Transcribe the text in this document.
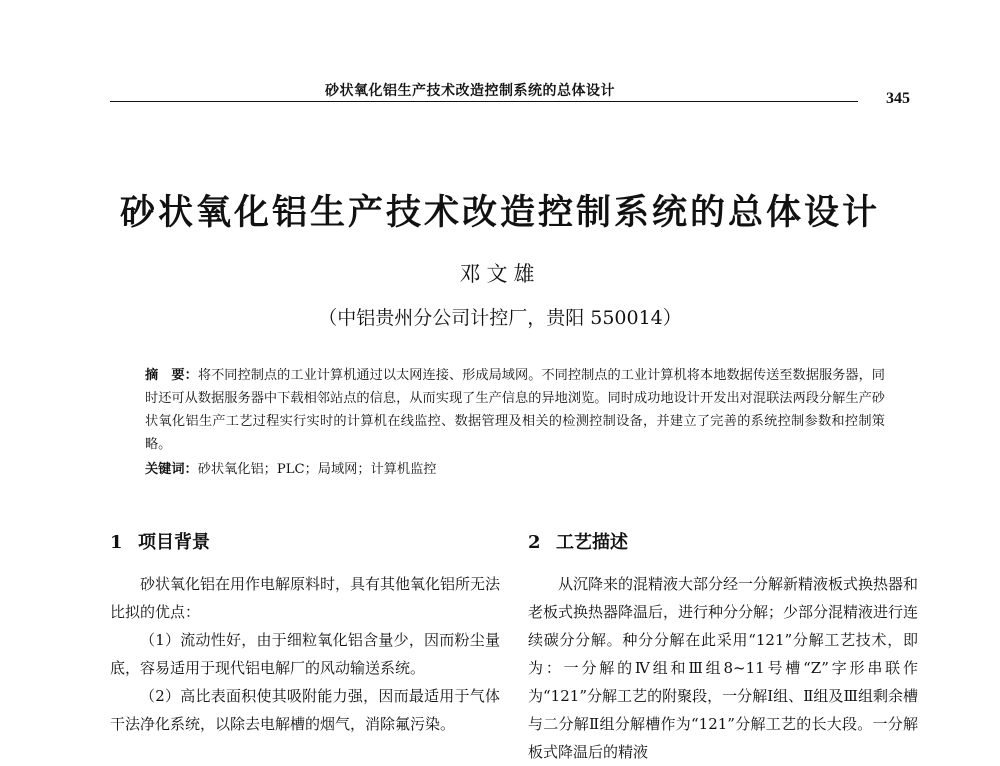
砂状氧化铝生产技术改造控制系统的总体设计	345
砂状氧化铝生产技术改造控制系统的总体设计
邓文雄
（中铝贵州分公司计控厂，贵阳 550014）
摘　要：将不同控制点的工业计算机通过以太网连接、形成局域网。不同控制点的工业计算机将本地数据传送至数据服务器，同时还可从数据服务器中下载相邻站点的信息，从而实现了生产信息的异地浏览。同时成功地设计开发出对混联法两段分解生产砂状氧化铝生产工艺过程实行实时的计算机在线监控、数据管理及相关的检测控制设备，并建立了完善的系统控制参数和控制策略。
关键词：砂状氧化铝；PLC；局域网；计算机监控
1 项目背景

砂状氧化铝在用作电解原料时，具有其他氧化铝所无法比拟的优点：

（1）流动性好，由于细粒氧化铝含量少，因而粉尘量底，容易适用于现代铝电解厂的风动输送系统。

（2）高比表面积使其吸附能力强，因而最适用于气体干法净化系统，以除去电解槽的烟气，消除氟污染。

2 工艺描述

从沉降来的混精液大部分经一分解新精液板式换热器和老板式换热器降温后，进行种分分解；少部分混精液进行连续碳分分解。种分分解在此采用“121”分解工艺技术，即为：一分解的Ⅳ组和Ⅲ组8~11号槽“Z”字形串联作为“121”分解工艺的附聚段，一分解Ⅰ组、Ⅱ组及Ⅲ组剩余槽与二分解Ⅱ组分解槽作为“121”分解工艺的长大段。一分解板式降温后的精液
